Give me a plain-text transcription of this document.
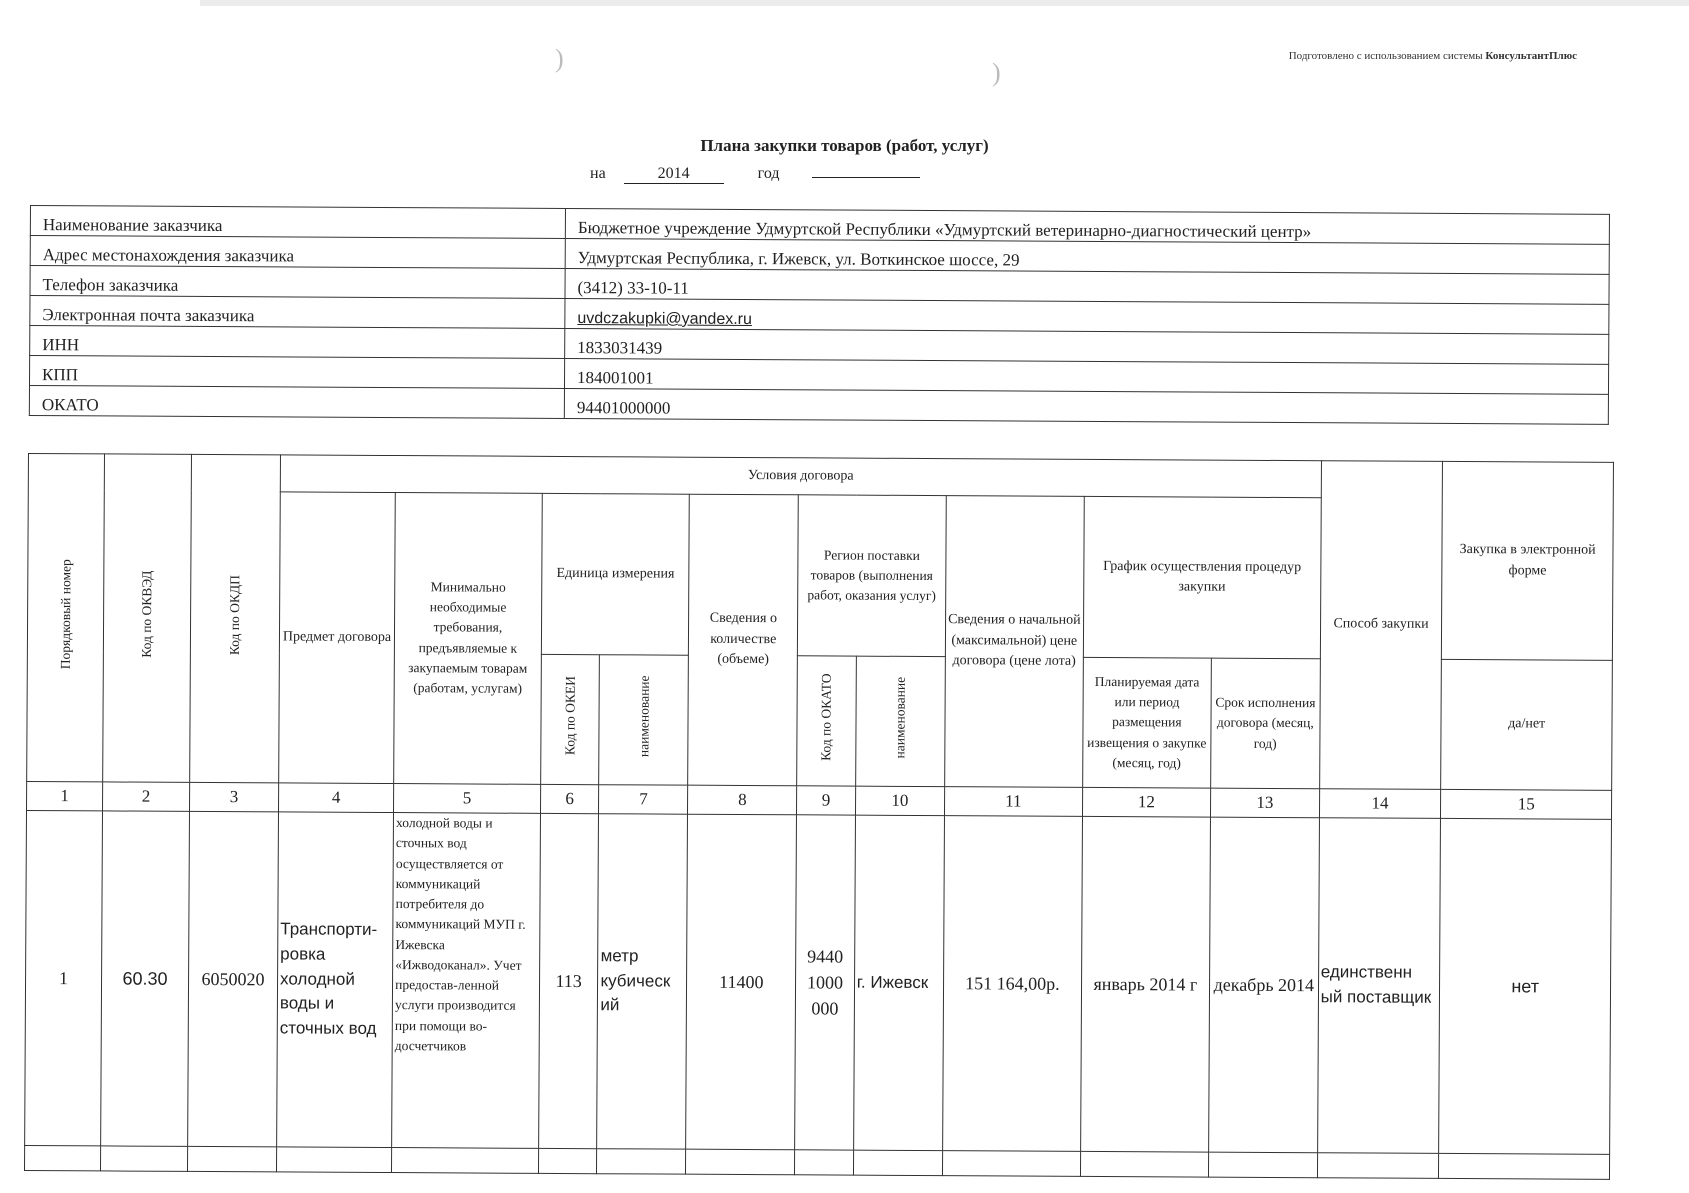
Подготовлено с использованием системы КонсультантПлюс
)	)
Плана закупки товаров (работ, услуг)
на	2014	год
Наименование заказчика	Бюджетное учреждение Удмуртской Республики «Удмуртский ветеринарно-диагностический центр»
Адрес местонахождения заказчика	Удмуртская Республика, г. Ижевск, ул. Воткинское шоссе, 29
Телефон заказчика	(3412) 33-10-11
Электронная почта заказчика	uvdczakupki@yandex.ru
ИНН	1833031439
КПП	184001001
ОКАТО	94401000000
Порядковый номер	Код по ОКВЭД	Код по ОКДП	Условия договора										Способ закупки	Закупка в электронной форме
			Предмет договора	Минимально необходимые требования, предъявляемые к закупаемым товарам (работам, услугам)	Единица измерения		Сведения о количестве (объеме)	Регион поставки товаров (выполнения работ, оказания услуг)		Сведения о начальной (максимальной) цене договора (цене лота)	График осуществления процедур закупки			
					Код по ОКЕИ	наименование		Код по ОКАТО	наименование		Планируемая дата или период размещения извещения о закупке (месяц, год)	Срок исполнения договора (месяц, год)		да/нет
1	2	3	4	5	6	7	8	9	10	11	12	13	14	15
1	60.30	6050020	Транспорти-ровка холодной воды и сточных вод	холодной воды и сточных вод осуществляется от коммуникаций потребителя до коммуникаций МУП г. Ижевска «Ижводоканал». Учет предостав-ленной услуги производится при помощи во-досчетчиков	113	метр кубическ ий	11400	9440 1000 000	г. Ижевск	151 164,00р.	январь 2014 г	декабрь 2014	единственн ый поставщик	нет
